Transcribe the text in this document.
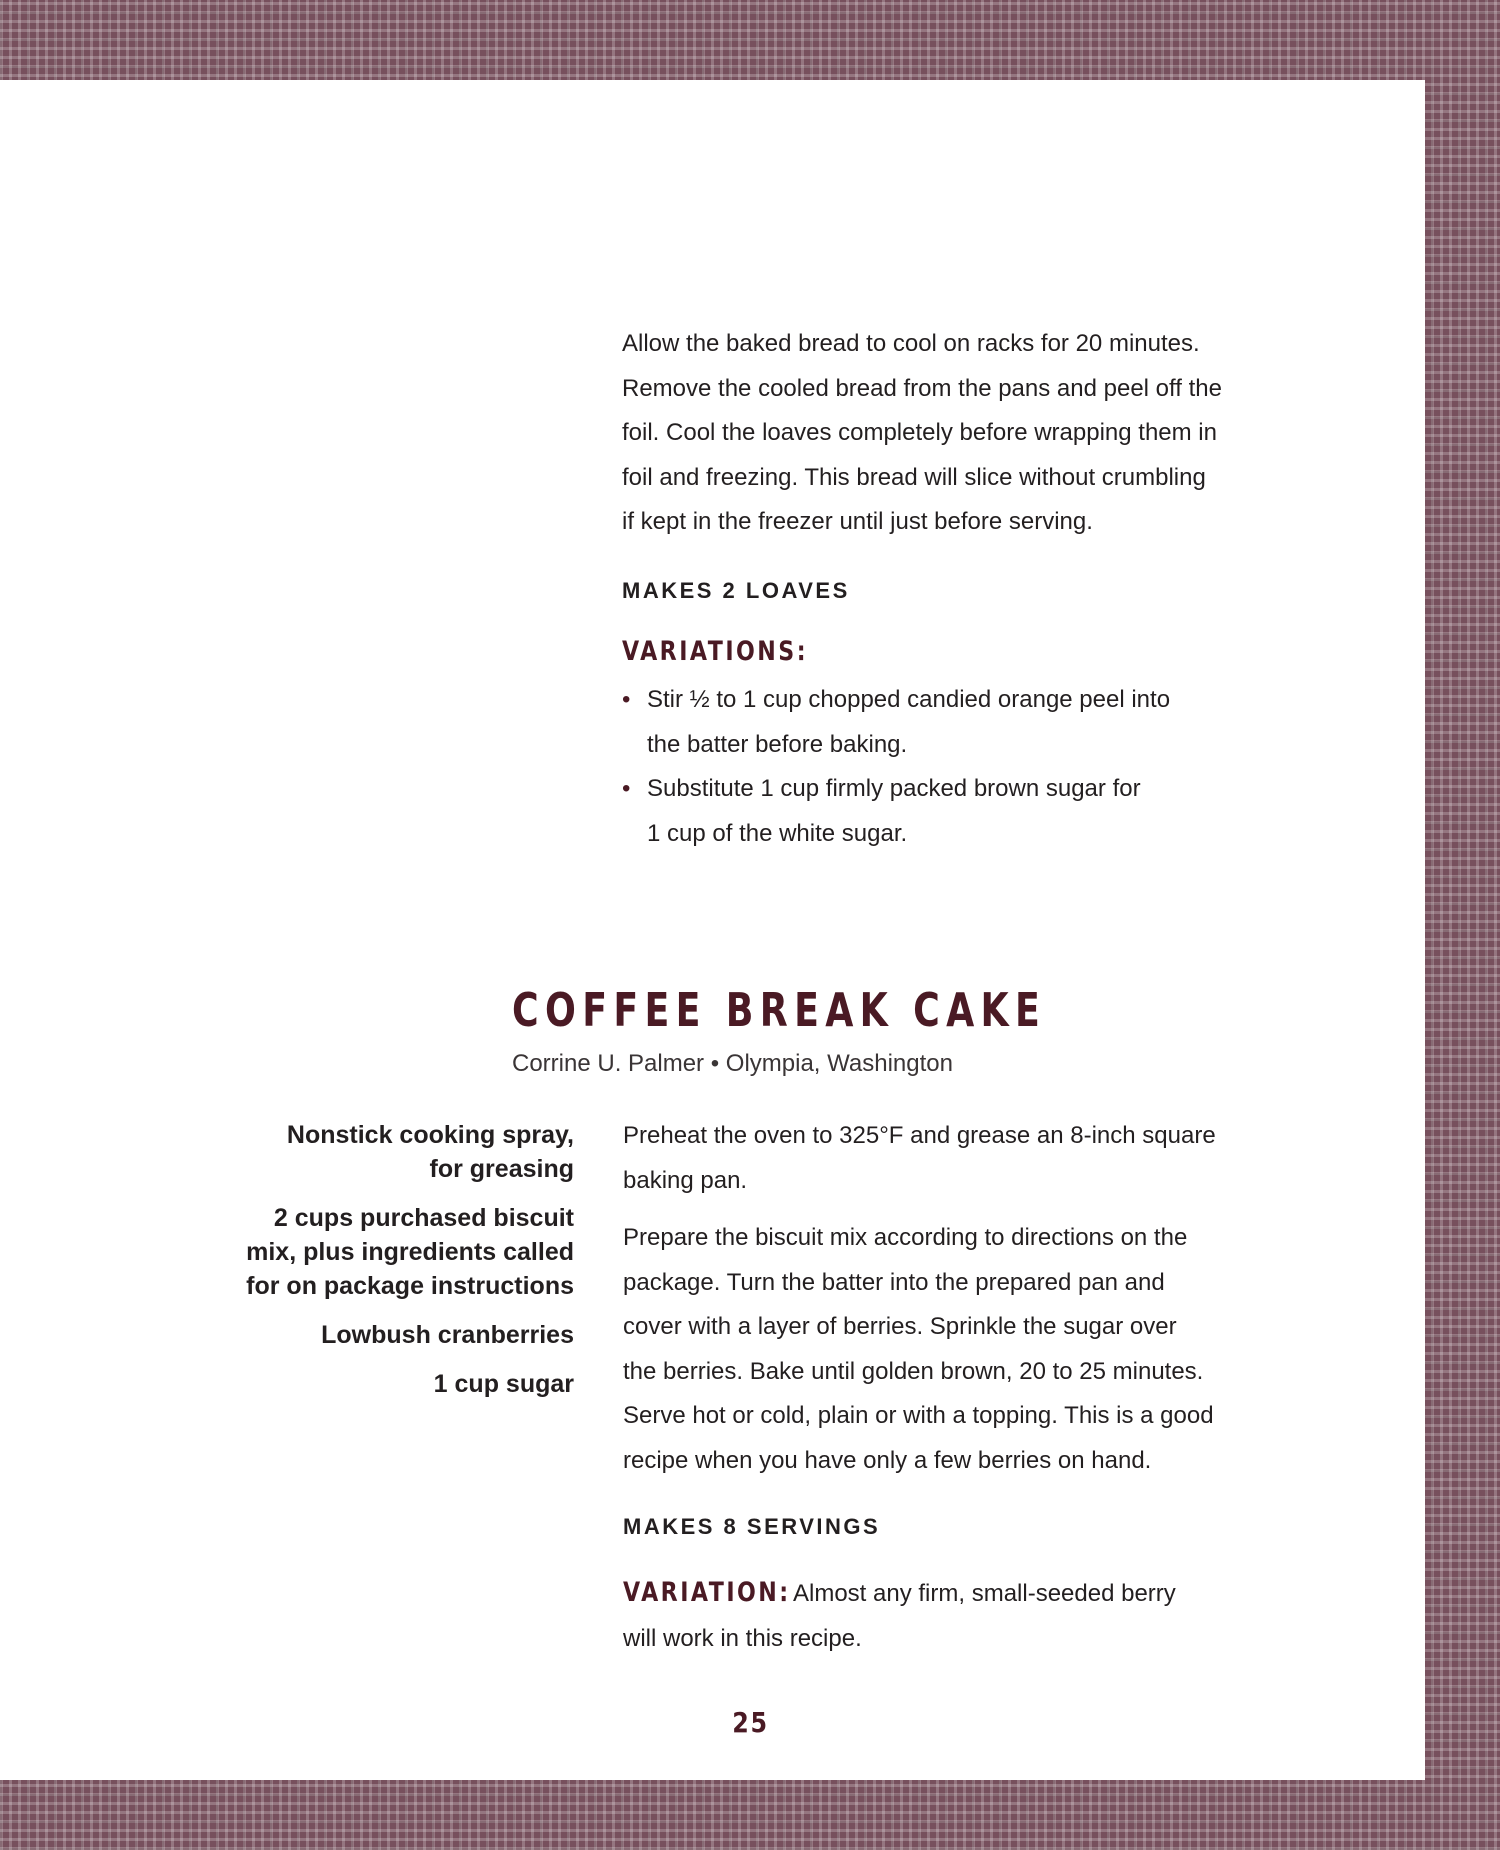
Allow the baked bread to cool on racks for 20 minutes.
Remove the cooled bread from the pans and peel off the
foil. Cool the loaves completely before wrapping them in
foil and freezing. This bread will slice without crumbling
if kept in the freezer until just before serving.
MAKES 2 LOAVES
VARIATIONS:
• Stir ½ to 1 cup chopped candied orange peel into
the batter before baking.
• Substitute 1 cup firmly packed brown sugar for
1 cup of the white sugar.
COFFEE BREAK CAKE
Corrine U. Palmer • Olympia, Washington
Nonstick cooking spray,
for greasing
2 cups purchased biscuit
mix, plus ingredients called
for on package instructions
Lowbush cranberries
1 cup sugar
Preheat the oven to 325°F and grease an 8-inch square
baking pan.
Prepare the biscuit mix according to directions on the
package. Turn the batter into the prepared pan and
cover with a layer of berries. Sprinkle the sugar over
the berries. Bake until golden brown, 20 to 25 minutes.
Serve hot or cold, plain or with a topping. This is a good
recipe when you have only a few berries on hand.
MAKES 8 SERVINGS
VARIATION:Almost any firm, small-seeded berry
will work in this recipe.
25
